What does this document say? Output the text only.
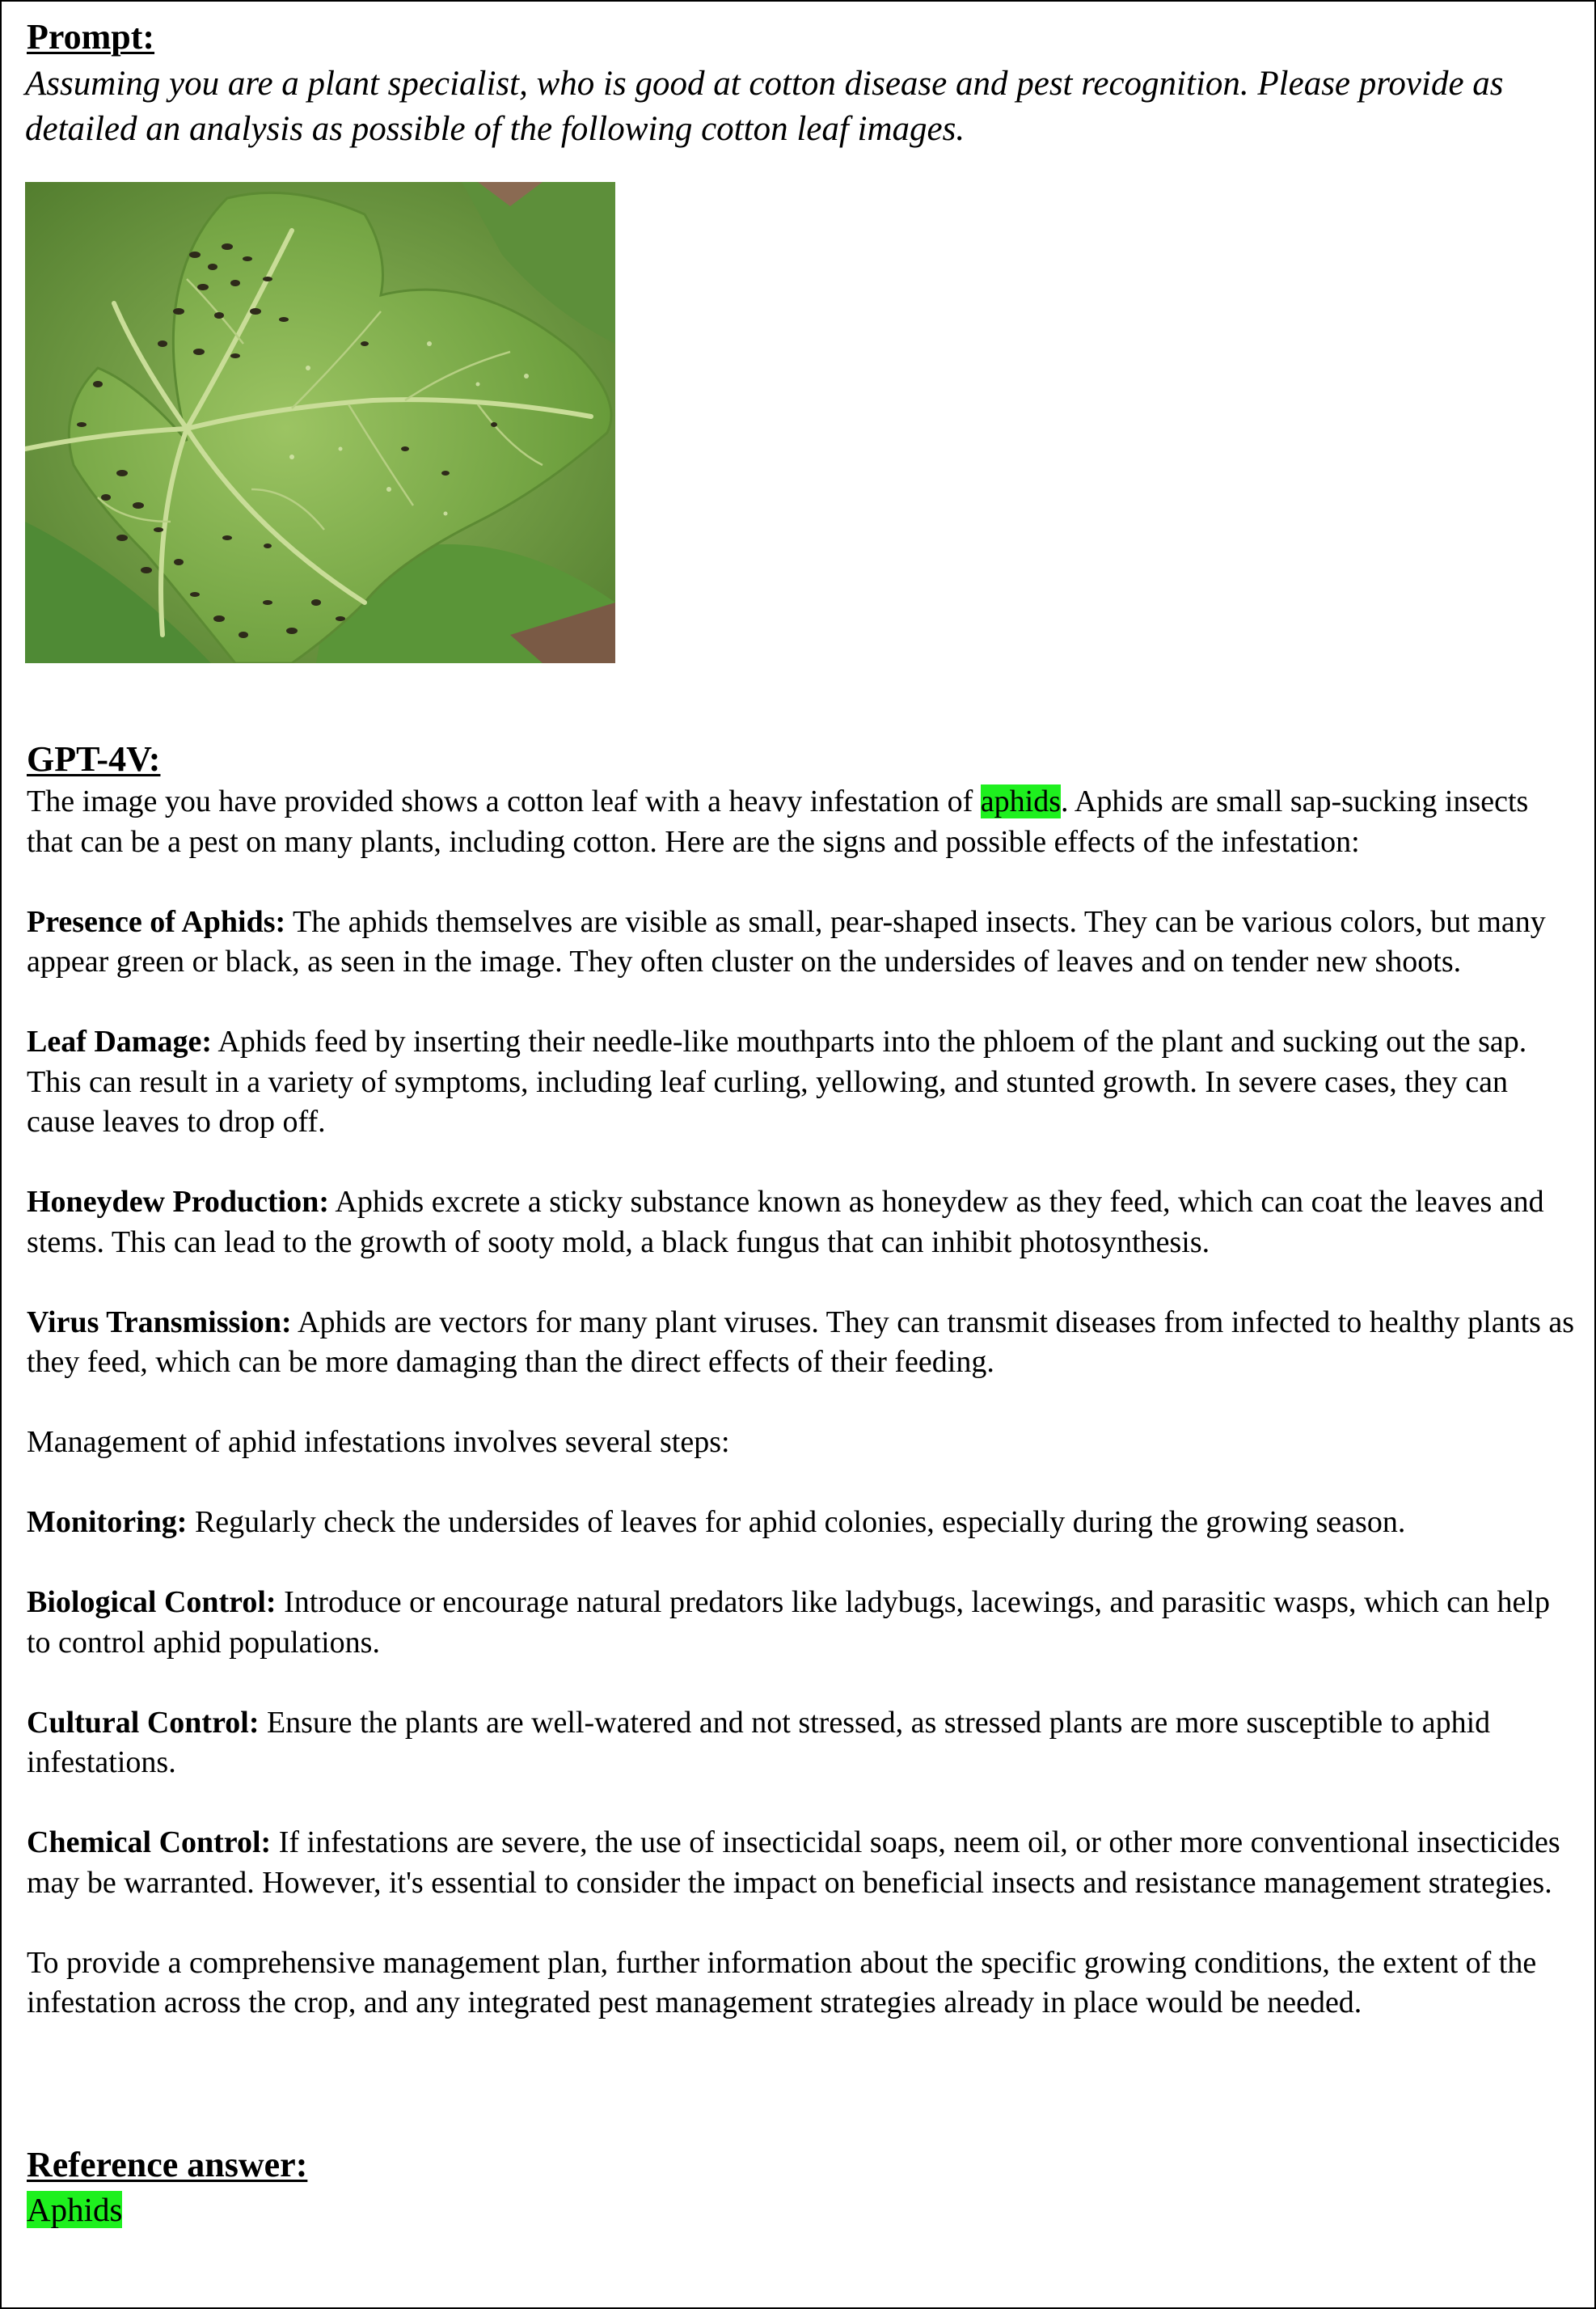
Prompt:

Assuming you are a plant specialist, who is good at cotton disease and pest recognition. Please provide as detailed an analysis as possible of the following cotton leaf images.

GPT-4V:

The image you have provided shows a cotton leaf with a heavy infestation of aphids. Aphids are small sap-sucking insects that can be a pest on many plants, including cotton. Here are the signs and possible effects of the infestation:

Presence of Aphids: The aphids themselves are visible as small, pear-shaped insects. They can be various colors, but many appear green or black, as seen in the image. They often cluster on the undersides of leaves and on tender new shoots.

Leaf Damage: Aphids feed by inserting their needle-like mouthparts into the phloem of the plant and sucking out the sap. This can result in a variety of symptoms, including leaf curling, yellowing, and stunted growth. In severe cases, they can cause leaves to drop off.

Honeydew Production: Aphids excrete a sticky substance known as honeydew as they feed, which can coat the leaves and stems. This can lead to the growth of sooty mold, a black fungus that can inhibit photosynthesis.

Virus Transmission: Aphids are vectors for many plant viruses. They can transmit diseases from infected to healthy plants as they feed, which can be more damaging than the direct effects of their feeding.

Management of aphid infestations involves several steps:

Monitoring: Regularly check the undersides of leaves for aphid colonies, especially during the growing season.

Biological Control: Introduce or encourage natural predators like ladybugs, lacewings, and parasitic wasps, which can help to control aphid populations.

Cultural Control: Ensure the plants are well-watered and not stressed, as stressed plants are more susceptible to aphid infestations.

Chemical Control: If infestations are severe, the use of insecticidal soaps, neem oil, or other more conventional insecticides may be warranted. However, it's essential to consider the impact on beneficial insects and resistance management strategies.

To provide a comprehensive management plan, further information about the specific growing conditions, the extent of the infestation across the crop, and any integrated pest management strategies already in place would be needed.

Reference answer:

Aphids
